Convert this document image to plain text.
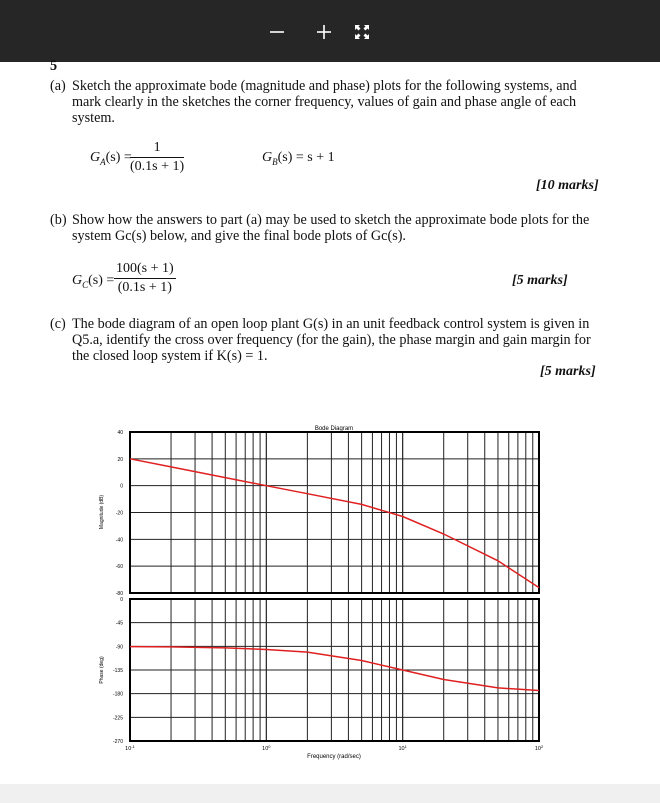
5
(a) Sketch the approximate bode (magnitude and phase) plots for the following systems, and
mark clearly in the sketches the corner frequency, values of gain and phase angle of each
system.
$G_A(s)$ =
$\frac{1}{(0.1s + 1)}$	$G_B(s) = s + 1$
[10 marks]
(b) Show how the answers to part (a) may be used to sketch the approximate bode plots for the
system Gc(s) below, and give the final bode plots of Gc(s).
$G_C(s) = \frac{100(s + 1)}{(0.1s + 1)}$	[5 marks]
(c) The bode diagram of an open loop plant G(s) in an unit feedback control system is given in
Q5.a, identify the cross over frequency (for the gain), the phase margin and gain margin for
the closed loop system if K(s) = 1.
[5 marks]
Bode Diagram
40
20
0
-20
-40
-60
-80
0
-45
-90
-135
-180
-225
-270
$10^{-1}$	$10^0$	$10^1$	$10^2$
Magnitude (dB)
Phase (deg)
Frequency (rad/sec)
